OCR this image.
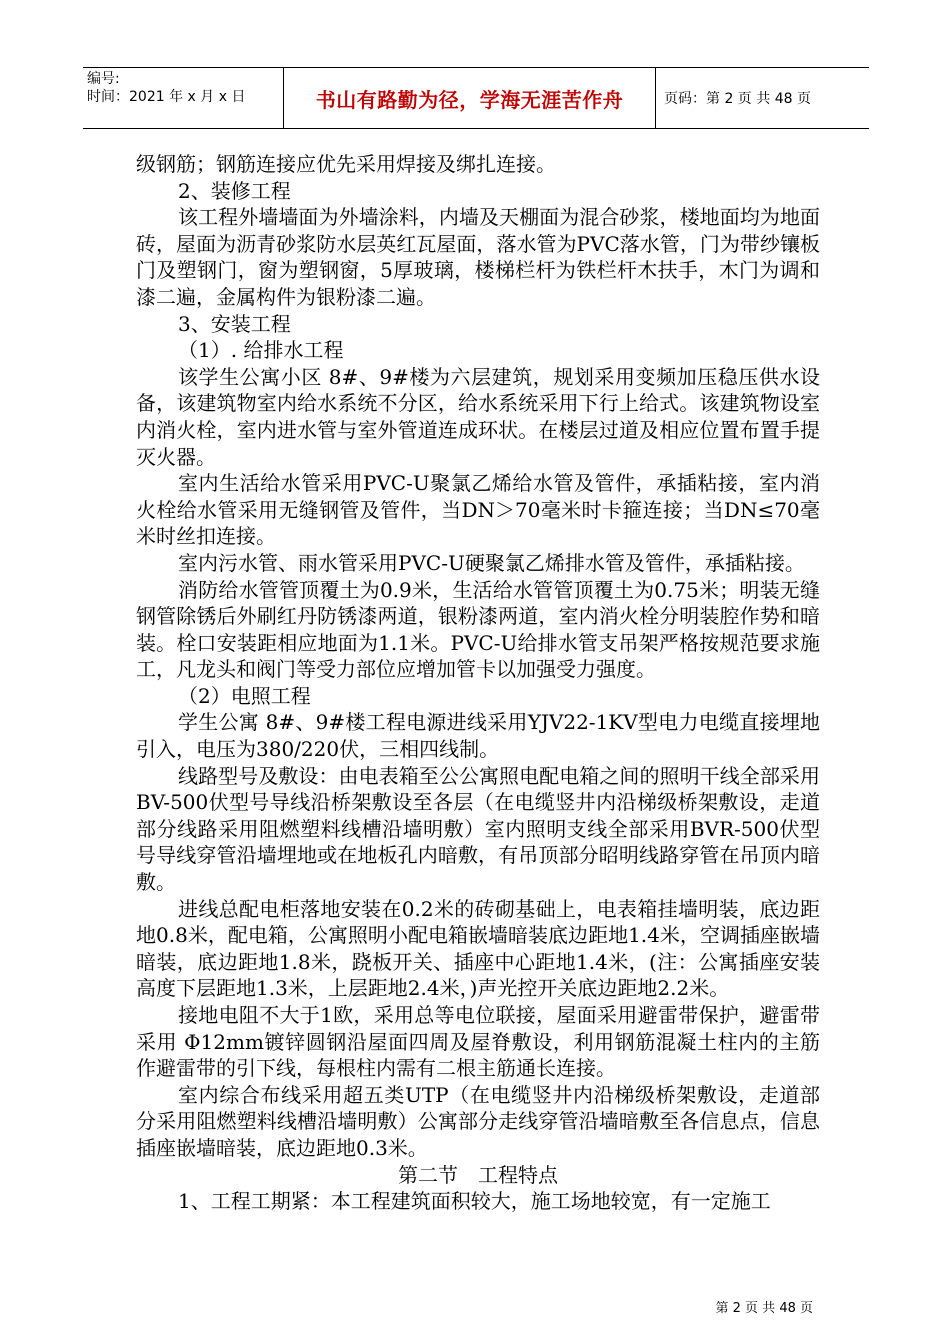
编号:
时间：2021 年 x 月 x 日	书山有路勤为径，学海无涯苦作舟	页码：第 2 页 共 48 页

级钢筋；钢筋连接应优先采用焊接及绑扎连接。

2、装修工程

该工程外墙墙面为外墙涂料，内墙及天棚面为混合砂浆，楼地面均为地面砖，屋面为沥青砂浆防水层英红瓦屋面，落水管为PVC落水管，门为带纱镶板门及塑钢门，窗为塑钢窗，5厚玻璃，楼梯栏杆为铁栏杆木扶手，木门为调和漆二遍，金属构件为银粉漆二遍。

3、安装工程

（1）. 给排水工程

该学生公寓小区 8#、9#楼为六层建筑，规划采用变频加压稳压供水设备，该建筑物室内给水系统不分区，给水系统采用下行上给式。该建筑物设室内消火栓，室内进水管与室外管道连成环状。在楼层过道及相应位置布置手提灭火器。

室内生活给水管采用PVC-U聚氯乙烯给水管及管件，承插粘接，室内消火栓给水管采用无缝钢管及管件，当DN＞70毫米时卡箍连接；当DN≤70毫米时丝扣连接。

室内污水管、雨水管采用PVC-U硬聚氯乙烯排水管及管件，承插粘接。

消防给水管管顶覆土为0.9米，生活给水管管顶覆土为0.75米；明装无缝钢管除锈后外刷红丹防锈漆两道，银粉漆两道，室内消火栓分明装腔作势和暗装。栓口安装距相应地面为1.1米。PVC-U给排水管支吊架严格按规范要求施工，凡龙头和阀门等受力部位应增加管卡以加强受力强度。

（2）电照工程

学生公寓 8#、9#楼工程电源进线采用YJV22-1KV型电力电缆直接埋地引入，电压为380/220伏，三相四线制。

线路型号及敷设：由电表箱至公公寓照电配电箱之间的照明干线全部采用BV-500伏型号导线沿桥架敷设至各层（在电缆竖井内沿梯级桥架敷设，走道部分线路采用阻燃塑料线槽沿墙明敷）室内照明支线全部采用BVR-500伏型号导线穿管沿墙埋地或在地板孔内暗敷，有吊顶部分昭明线路穿管在吊顶内暗敷。

进线总配电柜落地安装在0.2米的砖砌基础上，电表箱挂墙明装，底边距地0.8米，配电箱，公寓照明小配电箱嵌墙暗装底边距地1.4米，空调插座嵌墙暗装，底边距地1.8米，跷板开关、插座中心距地1.4米，(注：公寓插座安装高度下层距地1.3米，上层距地2.4米，)声光控开关底边距地2.2米。

接地电阻不大于1欧，采用总等电位联接，屋面采用避雷带保护，避雷带采用 Φ12mm镀锌圆钢沿屋面四周及屋脊敷设，利用钢筋混凝土柱内的主筋作避雷带的引下线，每根柱内需有二根主筋通长连接。

室内综合布线采用超五类UTP（在电缆竖井内沿梯级桥架敷设，走道部分采用阻燃塑料线槽沿墙明敷）公寓部分走线穿管沿墙暗敷至各信息点，信息插座嵌墙暗装，底边距地0.3米。

第二节　工程特点

1、工程工期紧：本工程建筑面积较大，施工场地较宽，有一定施工

第 2 页 共 48 页
